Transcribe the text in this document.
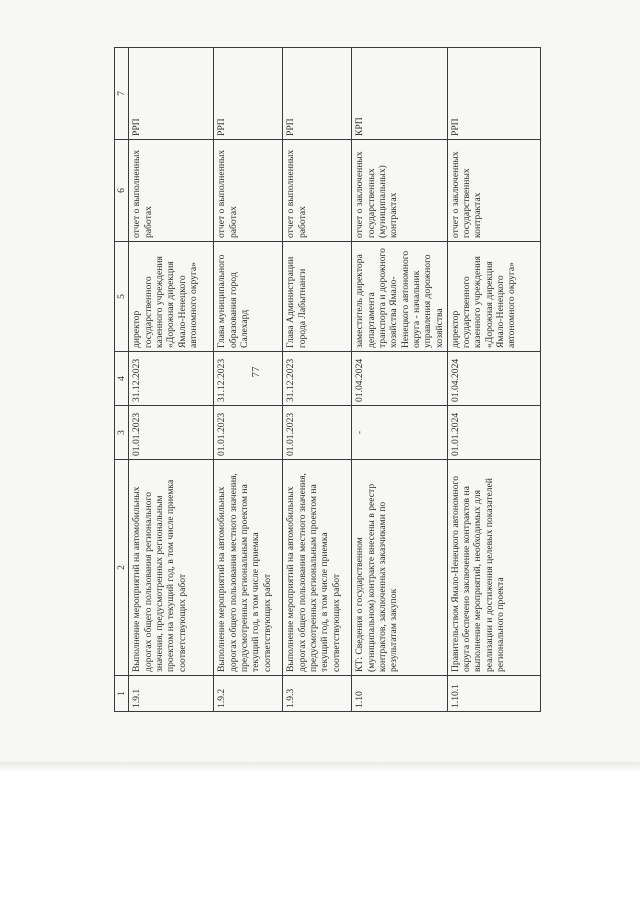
77
1	2	3	4	5	6	7
1.9.1	Выполнение мероприятий на автомобильных дорогах общего пользования регионального значения, предусмотренных региональным проектом на текущий год, в том числе приемка соответствующих работ	01.01.2023	31.12.2023	директор государственного казенного учреждения «Дорожная дирекция Ямало-Ненецкого автономного округа»	отчет о выполненных работах	РРП
1.9.2	Выполнение мероприятий на автомобильных дорогах общего пользования местного значения, предусмотренных региональным проектом на текущий год, в том числе приемка соответствующих работ	01.01.2023	31.12.2023	Глава муниципального образования город Салехард	отчет о выполненных работах	РРП
1.9.3	Выполнение мероприятий на автомобильных дорогах общего пользования местного значения, предусмотренных региональным проектом на текущий год, в том числе приемка соответствующих работ	01.01.2023	31.12.2023	Глава Администрации города Лабытнанги	отчет о выполненных работах	РРП
1.10	КТ: Сведения о государственном (муниципальном) контракте внесены в реестр контрактов, заключенных заказчиками по результатам закупок	-	01.04.2024	заместитель директора департамента транспорта и дорожного хозяйства Ямало-Ненецкого автономного округа - начальник управления дорожного хозяйства	отчет о заключенных государственных (муниципальных) контрактах	КРП
1.10.1	Правительством Ямало-Ненецкого автономного округа обеспечено заключение контрактов на выполнение мероприятий, необходимых для реализации и достижения целевых показателей регионального проекта	01.01.2024	01.04.2024	директор государственного казенного учреждения «Дорожная дирекция Ямало-Ненецкого автономного округа»	отчет о заключенных государственных контрактах	РРП
